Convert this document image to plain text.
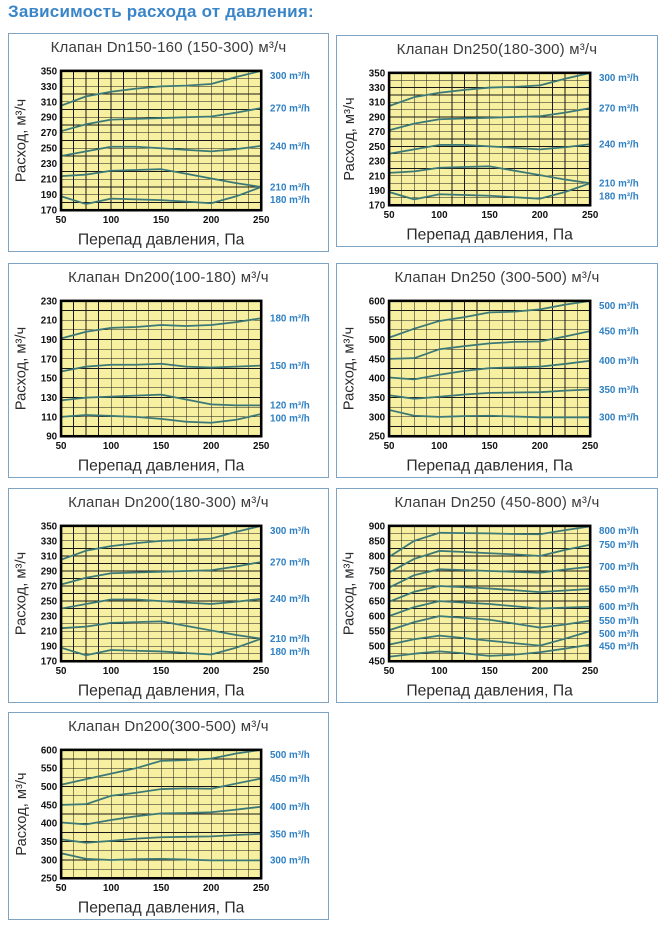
Зависимость расхода от давления:
Клапан Dn150-160 (150-300) м³/ч
170
190
210
230
250
270
290
310
330
350
50	100	150	200	250
300 m³/h
270 m³/h
240 m³/h
210 m³/h
180 m³/h
Расход, м³/ч
Перепад давления, Па
Клапан Dn250(180-300) м³/ч
170
190
210
230
250
270
290
310
330
350
50	100	150	200	250
300 m³/h
270 m³/h
240 m³/h
210 m³/h
180 m³/h
Расход, м³/ч
Перепад давления, Па
Клапан Dn200(100-180) м³/ч
90
110
130
150
170
190
210
230
50	100	150	200	250
180 m³/h
150 m³/h
120 m³/h
100 m³/h
Расход, м³/ч
Перепад давления, Па
Клапан Dn250 (300-500) м³/ч
250
300
350
400
450
500
550
600
50	100	150	200	250
500 m³/h
450 m³/h
400 m³/h
350 m³/h
300 m³/h
Расход, м³/ч
Перепад давления, Па
Клапан Dn200(180-300) м³/ч
170
190
210
230
250
270
290
310
330
350
50	100	150	200	250
300 m³/h
270 m³/h
240 m³/h
210 m³/h
180 m³/h
Расход, м³/ч
Перепад давления, Па
Клапан Dn250 (450-800) м³/ч
450
500
550
600
650
700
750
800
850
900
50	100	150	200	250
800 m³/h
750 m³/h
700 m³/h
650 m³/h
600 m³/h
550 m³/h
500 m³/h
450 m³/h
Расход, м³/ч
Перепад давления, Па
Клапан Dn200(300-500) м³/ч
250
300
350
400
450
500
550
600
50	100	150	200	250
500 m³/h
450 m³/h
400 m³/h
350 m³/h
300 m³/h
Расход, м³/ч
Перепад давления, Па
